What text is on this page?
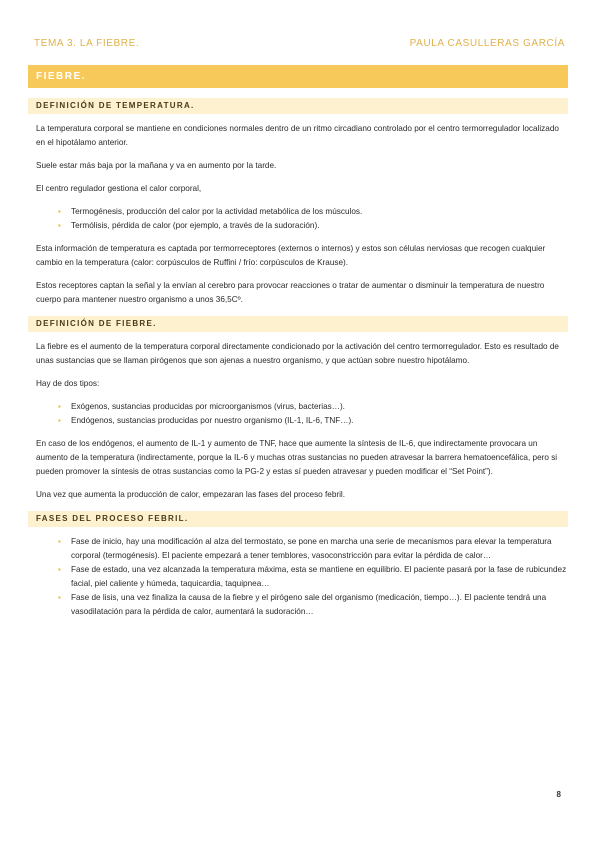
TEMA 3. LA FIEBRE.	PAULA CASULLERAS GARCÍA
FIEBRE.
DEFINICIÓN DE TEMPERATURA.

La temperatura corporal se mantiene en condiciones normales dentro de un ritmo circadiano controlado por el centro termorregulador localizado en el hipotálamo anterior.

Suele estar más baja por la mañana y va en aumento por la tarde.

El centro regulador gestiona el calor corporal,

▪ Termogénesis, producción del calor por la actividad metabólica de los músculos.
▪ Termólisis, pérdida de calor (por ejemplo, a través de la sudoración).

Esta información de temperatura es captada por termorreceptores (externos o internos) y estos son células nerviosas que recogen cualquier cambio en la temperatura (calor: corpúsculos de Ruffini / frío: corpúsculos de Krause).

Estos receptores captan la señal y la envían al cerebro para provocar reacciones o tratar de aumentar o disminuir la temperatura de nuestro cuerpo para mantener nuestro organismo a unos 36,5Cº.

DEFINICIÓN DE FIEBRE.

La fiebre es el aumento de la temperatura corporal directamente condicionado por la activación del centro termorregulador. Esto es resultado de unas sustancias que se llaman pirógenos que son ajenas a nuestro organismo, y que actúan sobre nuestro hipotálamo.

Hay de dos tipos:

▪ Exógenos, sustancias producidas por microorganismos (virus, bacterias…).
▪ Endógenos, sustancias producidas por nuestro organismo (IL-1, IL-6, TNF…).

En caso de los endógenos, el aumento de IL-1 y aumento de TNF, hace que aumente la síntesis de IL-6, que indirectamente provocara un aumento de la temperatura (indirectamente, porque la IL-6 y muchas otras sustancias no pueden atravesar la barrera hematoencefálica, pero si pueden promover la síntesis de otras sustancias como la PG-2 y estas sí pueden atravesar y pueden modificar el “Set Point”).

Una vez que aumenta la producción de calor, empezaran las fases del proceso febril.

FASES DEL PROCESO FEBRIL.
▪ Fase de inicio, hay una modificación al alza del termostato, se pone en marcha una serie de mecanismos para elevar la temperatura corporal (termogénesis). El paciente empezará a tener temblores, vasoconstricción para evitar la pérdida de calor…
▪ Fase de estado, una vez alcanzada la temperatura máxima, esta se mantiene en equilibrio. El paciente pasará por la fase de rubicundez facial, piel caliente y húmeda, taquicardia, taquipnea…
▪ Fase de lisis, una vez finaliza la causa de la fiebre y el pirógeno sale del organismo (medicación, tiempo…). El paciente tendrá una vasodilatación para la pérdida de calor, aumentará la sudoración…
8
